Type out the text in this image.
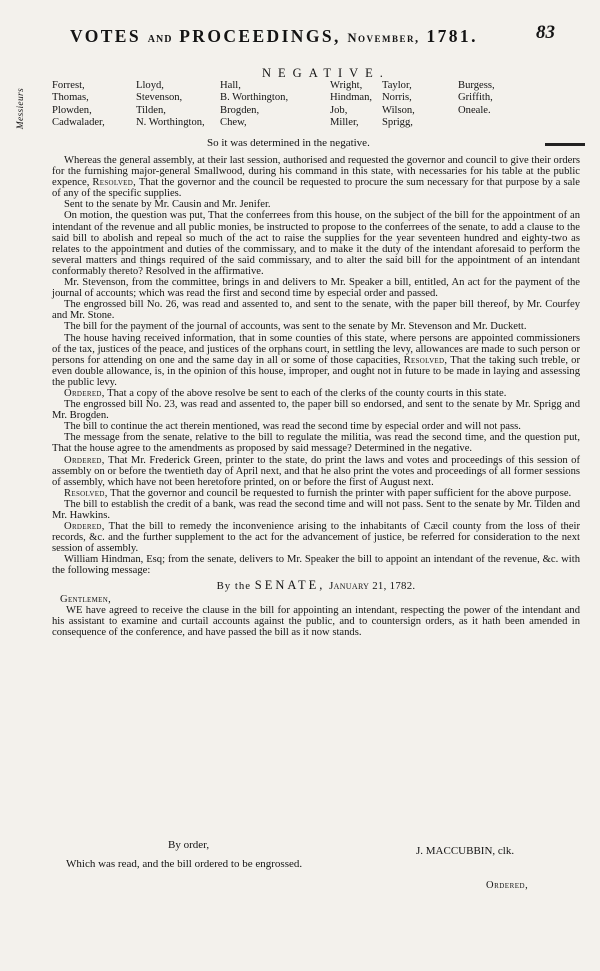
VOTES AND PROCEEDINGS, November, 1781.	83
NEGATIVE.
Messieurs
Forrest,
Thomas,
Plowden,
Cadwalader,
Lloyd,
Stevenson,
Tilden,
N. Worthington,
Hall,
B. Worthington,
Brogden,
Chew,
Wright,
Hindman,
Job,
Miller,
Taylor,
Norris,
Wilson,
Sprigg,
Burgess,
Griffith,
Oneale.
So it was determined in the negative.

Whereas the general assembly, at their last session, authorised and requested the governor and council to give their orders for the furnishing major-general Smallwood, during his command in this state, with necessaries for his table at the public expence, Resolved, That the governor and the council be requested to procure the sum necessary for that purpose by a sale of any of the specific supplies.

Sent to the senate by Mr. Causin and Mr. Jenifer.

On motion, the question was put, That the conferrees from this house, on the subject of the bill for the appointment of an intendant of the revenue and all public monies, be instructed to propose to the conferrees of the senate, to add a clause to the said bill to abolish and repeal so much of the act to raise the supplies for the year seventeen hundred and eighty-two as relates to the appointment and duties of the commissary, and to make it the duty of the intendant aforesaid to perform the several matters and things required of the said commissary, and to alter the said bill for the appointment of an intendant conformably thereto? Resolved in the affirmative.

Mr. Stevenson, from the committee, brings in and delivers to Mr. Speaker a bill, entitled, An act for the payment of the journal of accounts; which was read the first and second time by especial order and passed.

The engrossed bill No. 26, was read and assented to, and sent to the senate, with the paper bill thereof, by Mr. Courfey and Mr. Stone.

The bill for the payment of the journal of accounts, was sent to the senate by Mr. Stevenson and Mr. Duckett.

The house having received information, that in some counties of this state, where persons are appointed commissioners of the tax, justices of the peace, and justices of the orphans court, in settling the levy, allowances are made to such person or persons for attending on one and the same day in all or some of those capacities, Resolved, That the taking such treble, or even double allowance, is, in the opinion of this house, improper, and ought not in future to be made in laying and assessing the public levy.

Ordered, That a copy of the above resolve be sent to each of the clerks of the county courts in this state.

The engrossed bill No. 23, was read and assented to, the paper bill so endorsed, and sent to the senate by Mr. Sprigg and Mr. Brogden.

The bill to continue the act therein mentioned, was read the second time by especial order and will not pass.

The message from the senate, relative to the bill to regulate the militia, was read the second time, and the question put, That the house agree to the amendments as proposed by said message? Determined in the negative.

Ordered, That Mr. Frederick Green, printer to the state, do print the laws and votes and proceedings of this session of assembly on or before the twentieth day of April next, and that he also print the votes and proceedings of all former sessions of assembly, which have not been heretofore printed, on or before the first of August next.

Resolved, That the governor and council be requested to furnish the printer with paper sufficient for the above purpose.

The bill to establish the credit of a bank, was read the second time and will not pass. Sent to the senate by Mr. Tilden and Mr. Hawkins.

Ordered, That the bill to remedy the inconvenience arising to the inhabitants of Cæcil county from the loss of their records, &c. and the further supplement to the act for the advancement of justice, be referred for consideration to the next session of assembly.

William Hindman, Esq; from the senate, delivers to Mr. Speaker the bill to appoint an intendant of the revenue, &c. with the following message:

By the SENATE, January 21, 1782.

Gentlemen,

WE have agreed to receive the clause in the bill for appointing an intendant, respecting the power of the intendant and his assistant to examine and curtail accounts against the public, and to countersign orders, as it hath been amended in consequence of the conference, and have passed the bill as it now stands.

By order,	J. MACCUBBIN, clk.
Which was read, and the bill ordered to be engrossed.
Ordered,
